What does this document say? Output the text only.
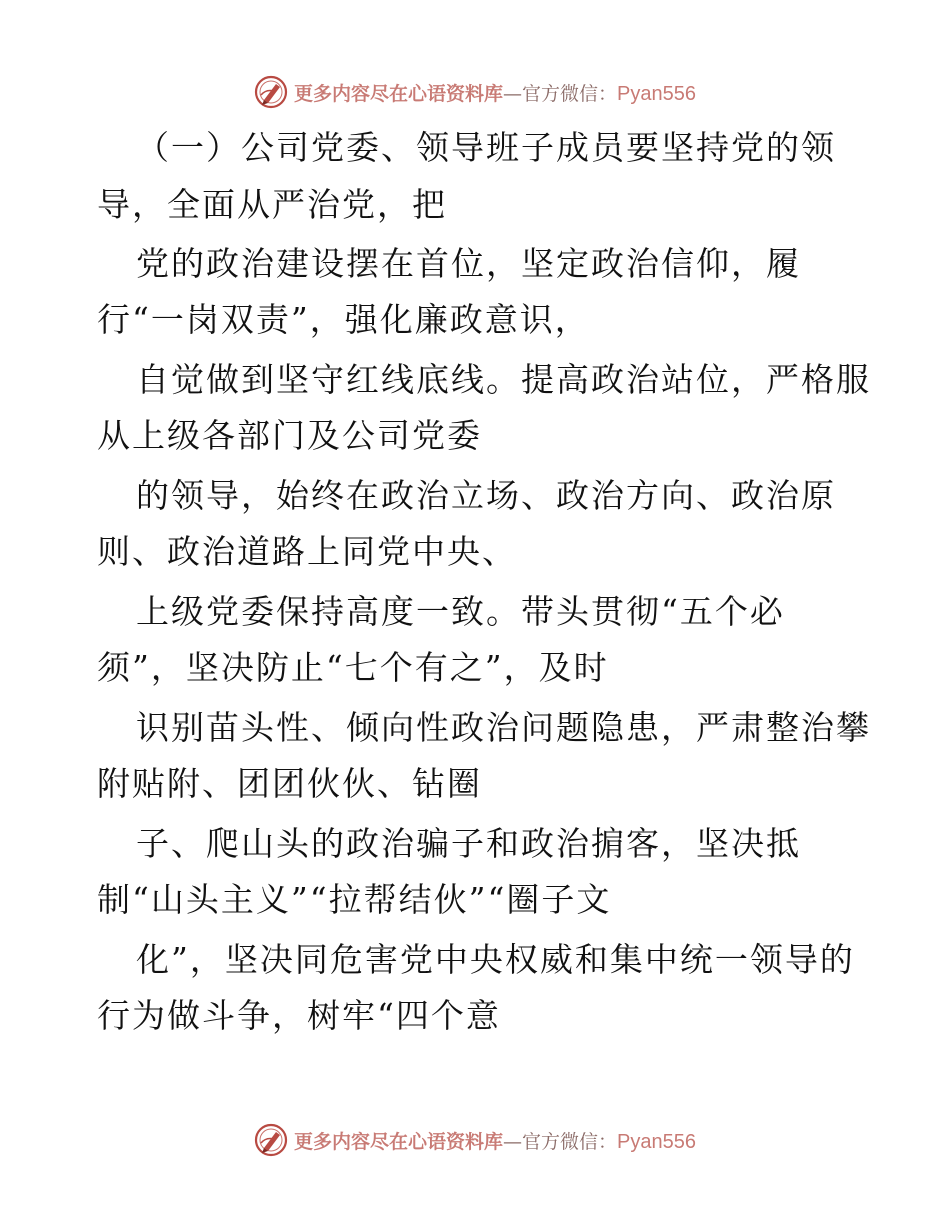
更多内容尽在心语资料库 — 官方微信： Pyan556
（一）公司党委、领导班子成员要坚持党的领
导，全面从严治党，把
党的政治建设摆在首位，坚定政治信仰，履
行“一岗双责”，强化廉政意识，
自觉做到坚守红线底线。提高政治站位，严格服
从上级各部门及公司党委
的领导，始终在政治立场、政治方向、政治原
则、政治道路上同党中央、
上级党委保持高度一致。带头贯彻“五个必
须”，坚决防止“七个有之”，及时
识别苗头性、倾向性政治问题隐患，严肃整治攀
附贴附、团团伙伙、钻圈
子、爬山头的政治骗子和政治掮客，坚决抵
制“山头主义”“拉帮结伙”“圈子文
化”，坚决同危害党中央权威和集中统一领导的
行为做斗争，树牢“四个意
更多内容尽在心语资料库 — 官方微信： Pyan556
